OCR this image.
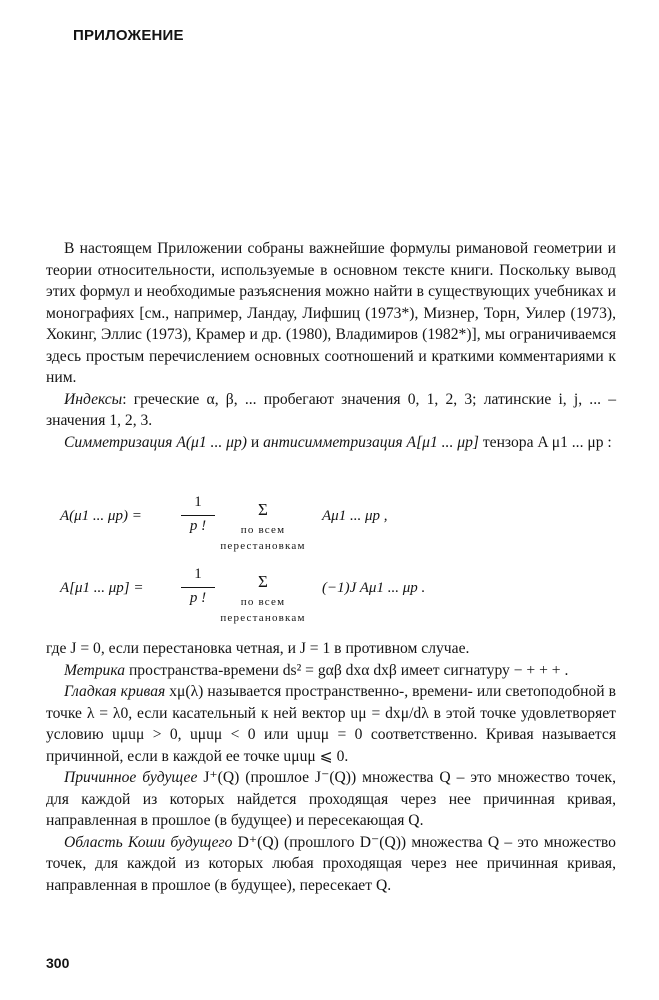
ПРИЛОЖЕНИЕ

В настоящем Приложении собраны важнейшие формулы римановой геометрии и теории относительности, используемые в основном тексте книги. Поскольку вывод этих формул и необходимые разъяснения можно найти в существующих учебниках и монографиях [см., например, Ландау, Лифшиц (1973*), Мизнер, Торн, Уилер (1973), Хокинг, Эллис (1973), Крамер и др. (1980), Владимиров (1982*)], мы ограничиваемся здесь простым перечислением основных соотношений и краткими комментариями к ним.

Индексы: греческие α, β, ... пробегают значения 0, 1, 2, 3; латинские i, j, ... – значения 1, 2, 3.

Симметризация A(μ1 ... μp) и антисимметризация A[μ1 ... μp] тензора A μ1 ... μp :

A(μ1 ... μp) =
1
p !
Σ
по всем
перестановкам
Aμ1 ... μp ,
A[μ1 ... μp] =
1
p !
Σ
по всем
перестановкам
(−1)J Aμ1 ... μp .

где J = 0, если перестановка четная, и J = 1 в противном случае.

Метрика пространства-времени ds² = gαβ dxα dxβ имеет сигнатуру − + + + .

Гладкая кривая xμ(λ) называется пространственно-, времени- или светоподобной в точке λ = λ0, если касательный к ней вектор uμ = dxμ/dλ в этой точке удовлетворяет условию uμuμ > 0, uμuμ < 0 или uμuμ = 0 соответственно. Кривая называется причинной, если в каждой ее точке uμuμ ⩽ 0.

Причинное будущее J⁺(Q) (прошлое J⁻(Q)) множества Q – это множество точек, для каждой из которых найдется проходящая через нее причинная кривая, направленная в прошлое (в будущее) и пересекающая Q.

Область Коши будущего D⁺(Q) (прошлого D⁻(Q)) множества Q – это множество точек, для каждой из которых любая проходящая через нее причинная кривая, направленная в прошлое (в будущее), пересекает Q.

300
